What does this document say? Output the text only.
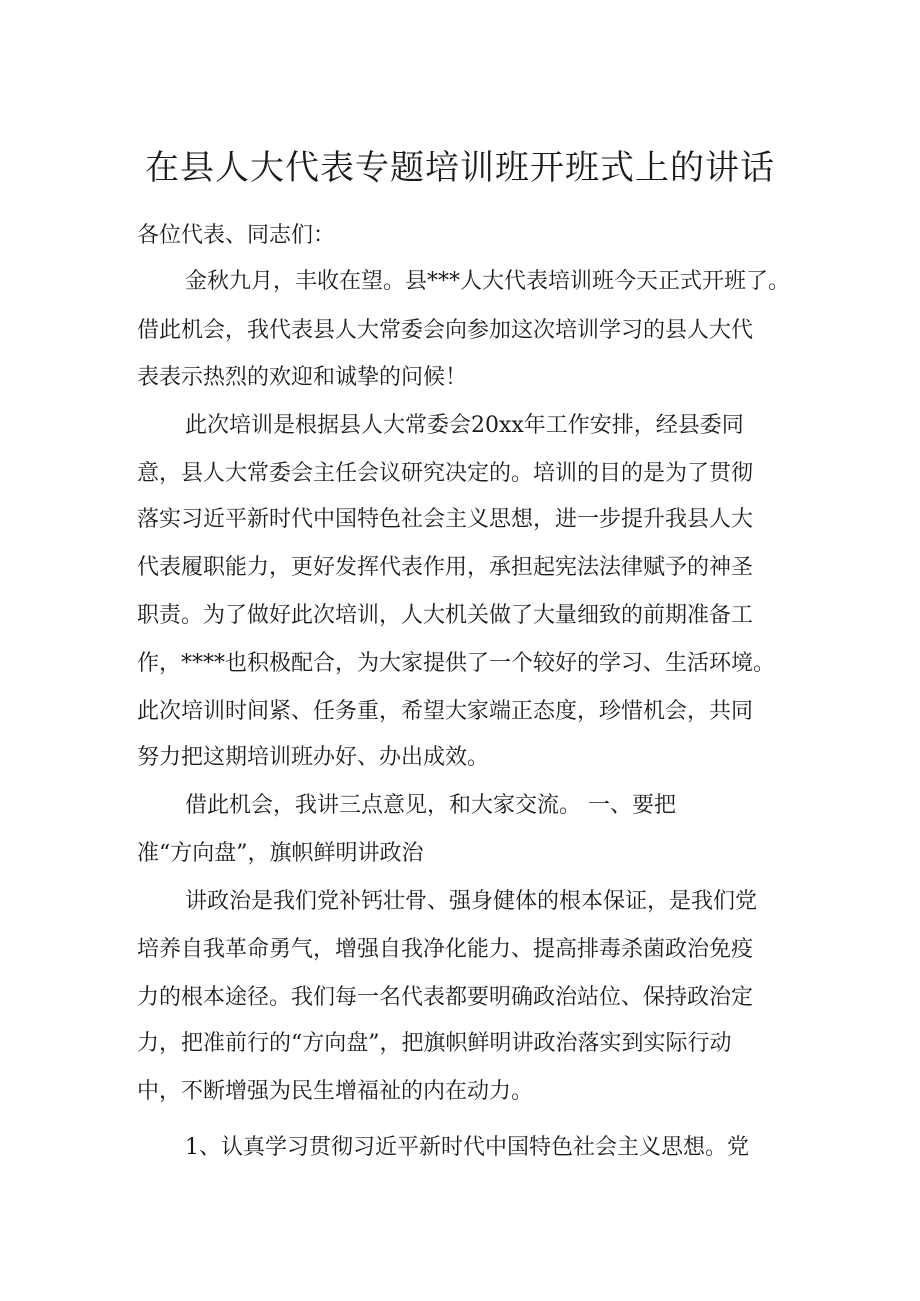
在县人大代表专题培训班开班式上的讲话
各位代表、同志们：
金秋九月，丰收在望。县***人大代表培训班今天正式开班了。
借此机会，我代表县人大常委会向参加这次培训学习的县人大代
表表示热烈的欢迎和诚挚的问候！
此次培训是根据县人大常委会20xx年工作安排，经县委同
意，县人大常委会主任会议研究决定的。培训的目的是为了贯彻
落实习近平新时代中国特色社会主义思想，进一步提升我县人大
代表履职能力，更好发挥代表作用，承担起宪法法律赋予的神圣
职责。为了做好此次培训，人大机关做了大量细致的前期准备工
作，****也积极配合，为大家提供了一个较好的学习、生活环境。
此次培训时间紧、任务重，希望大家端正态度，珍惜机会，共同
努力把这期培训班办好、办出成效。
借此机会，我讲三点意见，和大家交流。 一、要把
准“方向盘”，旗帜鲜明讲政治
讲政治是我们党补钙壮骨、强身健体的根本保证，是我们党
培养自我革命勇气，增强自我净化能力、提高排毒杀菌政治免疫
力的根本途径。我们每一名代表都要明确政治站位、保持政治定
力，把准前行的“方向盘”，把旗帜鲜明讲政治落实到实际行动
中，不断增强为民生增福祉的内在动力。
1、认真学习贯彻习近平新时代中国特色社会主义思想。党
